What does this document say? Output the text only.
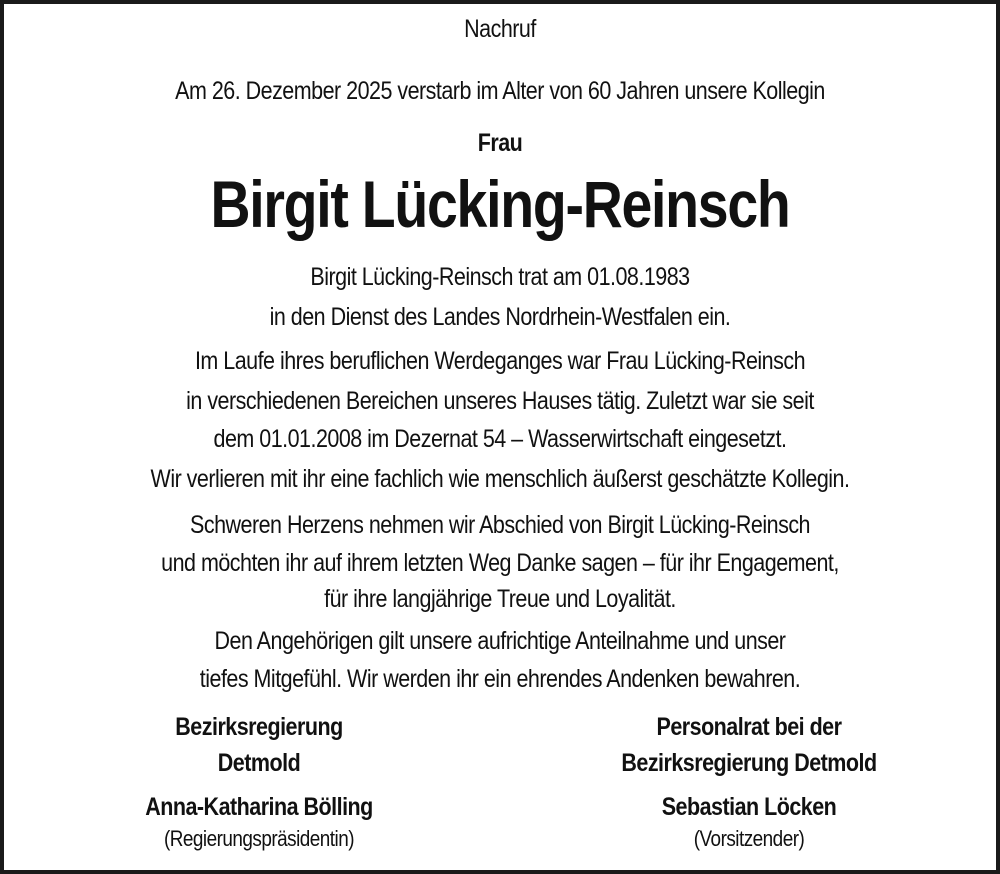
Nachruf
Am 26. Dezember 2025 verstarb im Alter von 60 Jahren unsere Kollegin
Frau
Birgit Lücking-Reinsch
Birgit Lücking-Reinsch trat am 01.08.1983
in den Dienst des Landes Nordrhein-Westfalen ein.
Im Laufe ihres beruflichen Werdeganges war Frau Lücking-Reinsch
in verschiedenen Bereichen unseres Hauses tätig. Zuletzt war sie seit
dem 01.01.2008 im Dezernat 54 – Wasserwirtschaft eingesetzt.
Wir verlieren mit ihr eine fachlich wie menschlich äußerst geschätzte Kollegin.
Schweren Herzens nehmen wir Abschied von Birgit Lücking-Reinsch
und möchten ihr auf ihrem letzten Weg Danke sagen – für ihr Engagement,
für ihre langjährige Treue und Loyalität.
Den Angehörigen gilt unsere aufrichtige Anteilnahme und unser
tiefes Mitgefühl. Wir werden ihr ein ehrendes Andenken bewahren.
Bezirksregierung
Detmold
Anna-Katharina Bölling
(Regierungspräsidentin)
Personalrat bei der
Bezirksregierung Detmold
Sebastian Löcken
(Vorsitzender)
